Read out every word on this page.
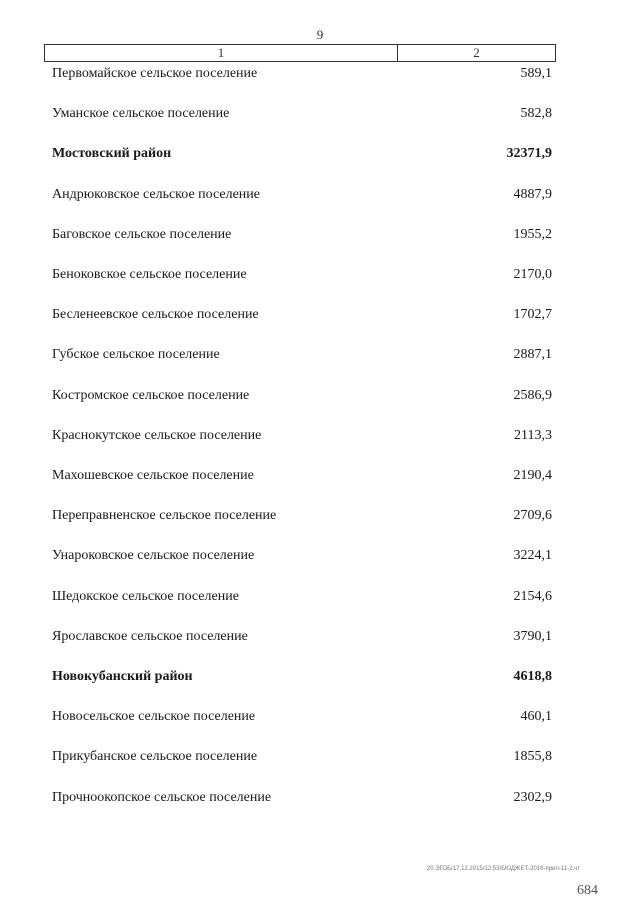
9
1	2
Первомайское сельское поселение	589,1
Уманское сельское поселение	582,8
Мостовский район	32371,9
Андрюковское сельское поселение	4887,9
Баговское сельское поселение	1955,2
Беноковское сельское поселение	2170,0
Бесленеевское сельское поселение	1702,7
Губское сельское поселение	2887,1
Костромское сельское поселение	2586,9
Краснокутское сельское поселение	2113,3
Махошевское сельское поселение	2190,4
Переправненское сельское поселение	2709,6
Унароковское сельское поселение	3224,1
Шедокское сельское поселение	2154,6
Ярославское сельское поселение	3790,1
Новокубанский район	4618,8
Новосельское сельское поселение	460,1
Прикубанское сельское поселение	1855,8
Прочноокопское сельское поселение	2302,9
20.ЭГОБ/17.12.2015/12:53/БЮДЖЕТ-2016-прил-11-2.чт
684
